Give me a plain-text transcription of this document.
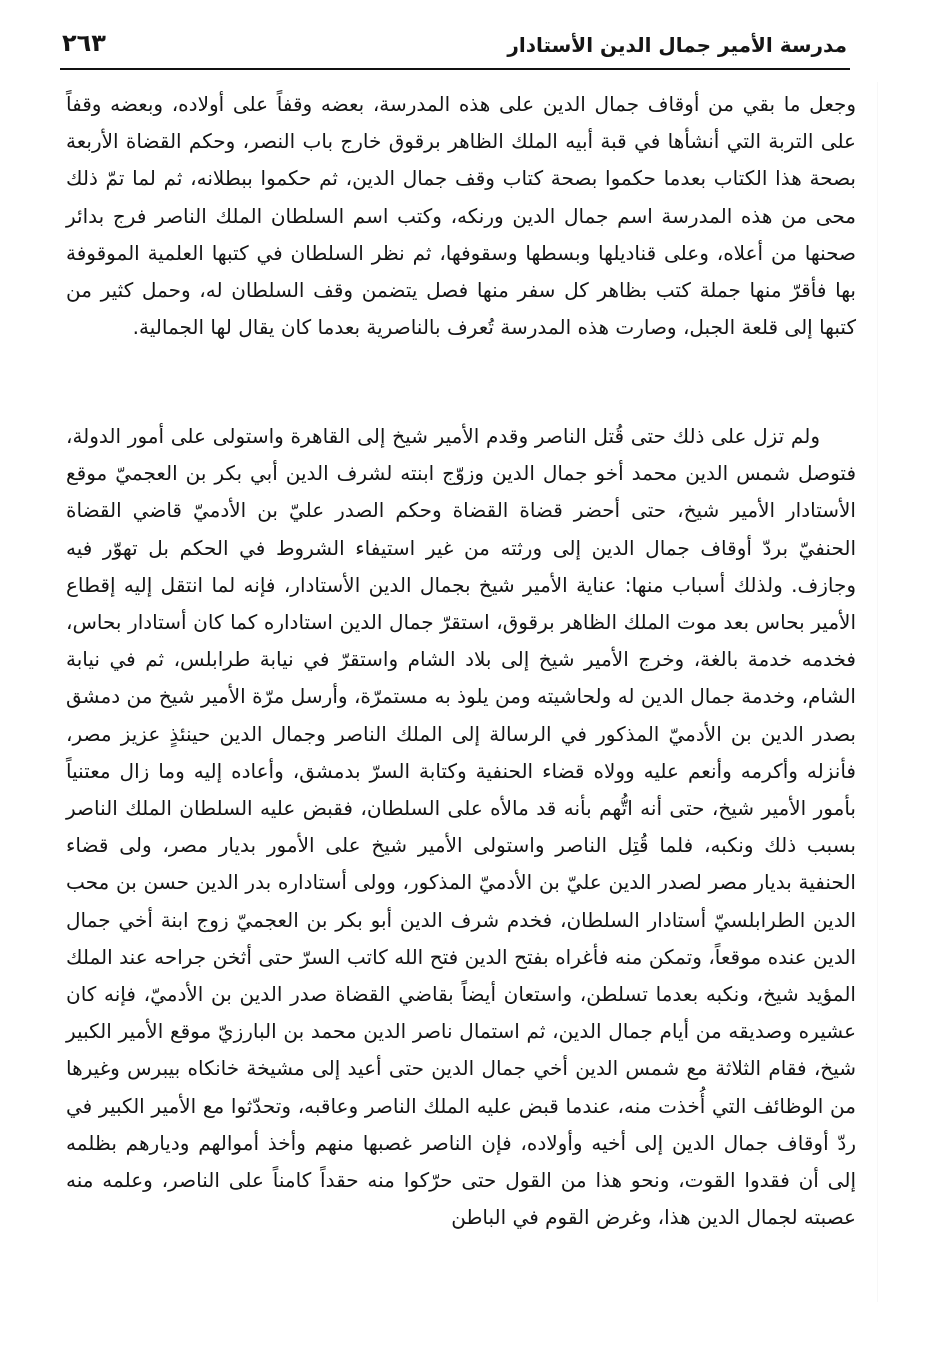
مدرسة الأمير جمال الدين الأستادار
٢٦٣

وجعل ما بقي من أوقاف جمال الدين على هذه المدرسة، بعضه وقفاً على أولاده، وبعضه وقفاً على التربة التي أنشأها في قبة أبيه الملك الظاهر برقوق خارج باب النصر، وحكم القضاة الأربعة بصحة هذا الكتاب بعدما حكموا بصحة كتاب وقف جمال الدين، ثم حكموا ببطلانه، ثم لما تمّ ذلك محى من هذه المدرسة اسم جمال الدين ورنكه، وكتب اسم السلطان الملك الناصر فرج بدائر صحنها من أعلاه، وعلى قناديلها وبسطها وسقوفها، ثم نظر السلطان في كتبها العلمية الموقوفة بها فأقرّ منها جملة كتب بظاهر كل سفر منها فصل يتضمن وقف السلطان له، وحمل كثير من كتبها إلى قلعة الجبل، وصارت هذه المدرسة تُعرف بالناصرية بعدما كان يقال لها الجمالية.

ولم تزل على ذلك حتى قُتل الناصر وقدم الأمير شيخ إلى القاهرة واستولى على أمور الدولة، فتوصل شمس الدين محمد أخو جمال الدين وزوّج ابنته لشرف الدين أبي بكر بن العجميّ موقع الأستادار الأمير شيخ، حتى أحضر قضاة القضاة وحكم الصدر عليّ بن الأدميّ قاضي القضاة الحنفيّ بردّ أوقاف جمال الدين إلى ورثته من غير استيفاء الشروط في الحكم بل تهوّر فيه وجازف. ولذلك أسباب منها: عناية الأمير شيخ بجمال الدين الأستادار، فإنه لما انتقل إليه إقطاع الأمير بحاس بعد موت الملك الظاهر برقوق، استقرّ جمال الدين استاداره كما كان أستادار بحاس، فخدمه خدمة بالغة، وخرج الأمير شيخ إلى بلاد الشام واستقرّ في نيابة طرابلس، ثم في نيابة الشام، وخدمة جمال الدين له ولحاشيته ومن يلوذ به مستمرّة، وأرسل مرّة الأمير شيخ من دمشق بصدر الدين بن الأدميّ المذكور في الرسالة إلى الملك الناصر وجمال الدين حينئذٍ عزيز مصر، فأنزله وأكرمه وأنعم عليه وولاه قضاء الحنفية وكتابة السرّ بدمشق، وأعاده إليه وما زال معتنياً بأمور الأمير شيخ، حتى أنه اتُّهم بأنه قد مالأه على السلطان، فقبض عليه السلطان الملك الناصر بسبب ذلك ونكبه، فلما قُتِل الناصر واستولى الأمير شيخ على الأمور بديار مصر، ولى قضاء الحنفية بديار مصر لصدر الدين عليّ بن الأدميّ المذكور، وولى أستاداره بدر الدين حسن بن محب الدين الطرابلسيّ أستادار السلطان، فخدم شرف الدين أبو بكر بن العجميّ زوج ابنة أخي جمال الدين عنده موقعاً، وتمكن منه فأغراه بفتح الدين فتح الله كاتب السرّ حتى أثخن جراحه عند الملك المؤيد شيخ، ونكبه بعدما تسلطن، واستعان أيضاً بقاضي القضاة صدر الدين بن الأدميّ، فإنه كان عشيره وصديقه من أيام جمال الدين، ثم استمال ناصر الدين محمد بن البارزيّ موقع الأمير الكبير شيخ، فقام الثلاثة مع شمس الدين أخي جمال الدين حتى أعيد إلى مشيخة خانكاه بيبرس وغيرها من الوظائف التي أُخذت منه، عندما قبض عليه الملك الناصر وعاقبه، وتحدّثوا مع الأمير الكبير في ردّ أوقاف جمال الدين إلى أخيه وأولاده، فإن الناصر غصبها منهم وأخذ أموالهم وديارهم بظلمه إلى أن فقدوا القوت، ونحو هذا من القول حتى حرّكوا منه حقداً كامناً على الناصر، وعلمه منه عصبته لجمال الدين هذا، وغرض القوم في الباطن
